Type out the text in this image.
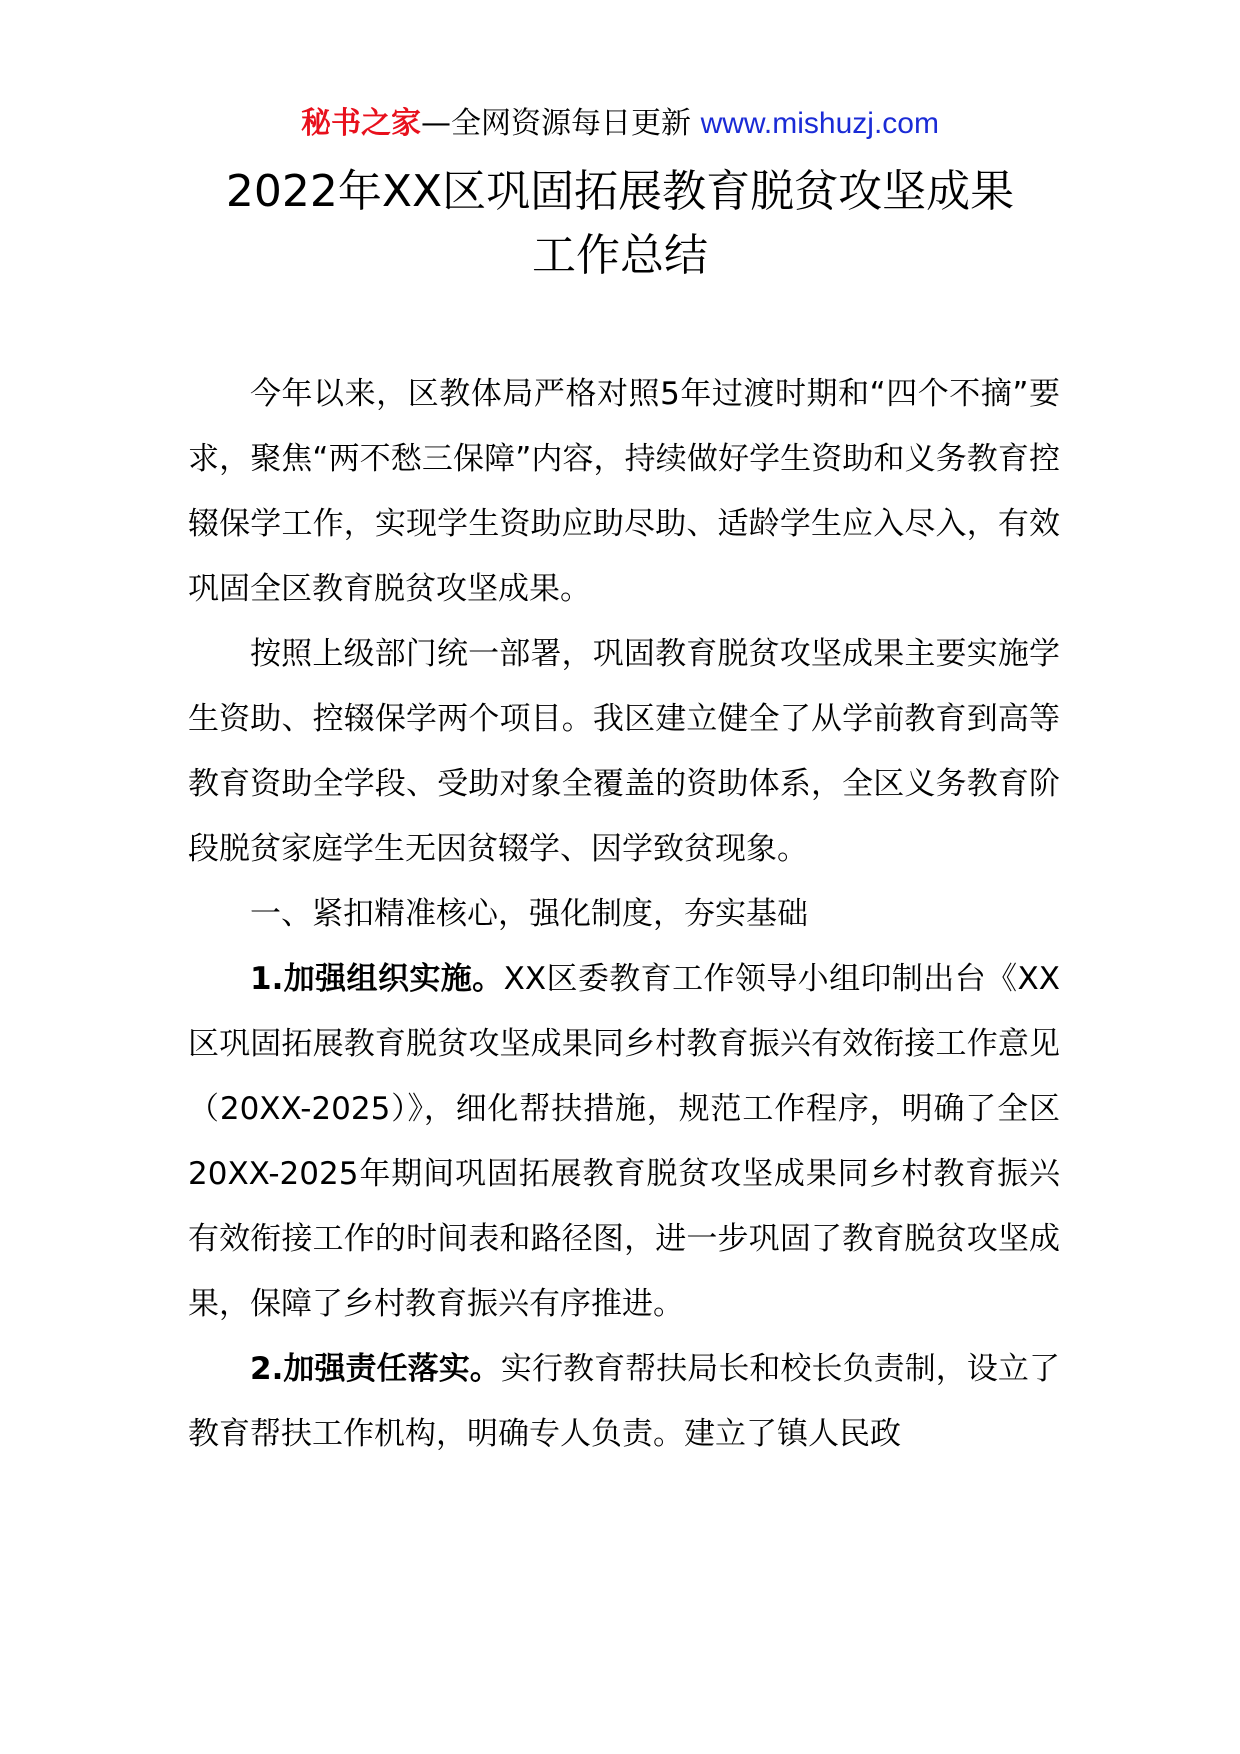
秘书之家—全网资源每日更新 www.mishuzj.com
2022年XX区巩固拓展教育脱贫攻坚成果
工作总结

今年以来，区教体局严格对照5年过渡时期和“四个不摘”要求，聚焦“两不愁三保障”内容，持续做好学生资助和义务教育控辍保学工作，实现学生资助应助尽助、适龄学生应入尽入，有效巩固全区教育脱贫攻坚成果。

按照上级部门统一部署，巩固教育脱贫攻坚成果主要实施学生资助、控辍保学两个项目。我区建立健全了从学前教育到高等教育资助全学段、受助对象全覆盖的资助体系，全区义务教育阶段脱贫家庭学生无因贫辍学、因学致贫现象。

一、紧扣精准核心，强化制度，夯实基础

1.加强组织实施。XX区委教育工作领导小组印制出台《XX区巩固拓展教育脱贫攻坚成果同乡村教育振兴有效衔接工作意见（20XX-2025）》，细化帮扶措施，规范工作程序，明确了全区20XX-2025年期间巩固拓展教育脱贫攻坚成果同乡村教育振兴有效衔接工作的时间表和路径图，进一步巩固了教育脱贫攻坚成果，保障了乡村教育振兴有序推进。

2.加强责任落实。实行教育帮扶局长和校长负责制，设立了教育帮扶工作机构，明确专人负责。建立了镇人民政
